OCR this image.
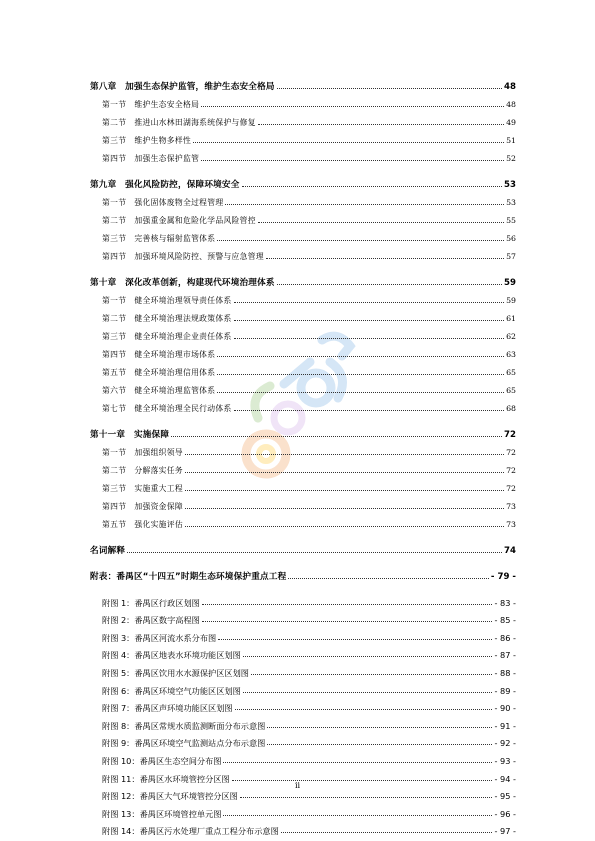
第八章　加强生态保护监管，维护生态安全格局	48
第一节　维护生态安全格局	48
第二节　推进山水林田湖海系统保护与修复	49
第三节　维护生物多样性	51
第四节　加强生态保护监管	52
第九章　强化风险防控，保障环境安全	53
第一节　强化固体废物全过程管理	53
第二节　加强重金属和危险化学品风险管控	55
第三节　完善核与辐射监管体系	56
第四节　加强环境风险防控、预警与应急管理	57
第十章　深化改革创新，构建现代环境治理体系	59
第一节　健全环境治理领导责任体系	59
第二节　健全环境治理法规政策体系	61
第三节　健全环境治理企业责任体系	62
第四节　健全环境治理市场体系	63
第五节　健全环境治理信用体系	65
第六节　健全环境治理监管体系	65
第七节　健全环境治理全民行动体系	68
第十一章　实施保障	72
第一节　加强组织领导	72
第二节　分解落实任务	72
第三节　实施重大工程	72
第四节　加强资金保障	73
第五节　强化实施评估	73
名词解释	74
附表：番禺区“十四五”时期生态环境保护重点工程	- 79 -
附图 1：番禺区行政区划图	- 83 -
附图 2：番禺区数字高程图	- 85 -
附图 3：番禺区河流水系分布图	- 86 -
附图 4：番禺区地表水环境功能区划图	- 87 -
附图 5：番禺区饮用水水源保护区区划图	- 88 -
附图 6：番禺区环境空气功能区区划图	- 89 -
附图 7：番禺区声环境功能区区划图	- 90 -
附图 8：番禺区常规水质监测断面分布示意图	- 91 -
附图 9：番禺区环境空气监测站点分布示意图	- 92 -
附图 10：番禺区生态空间分布图	- 93 -
附图 11：番禺区水环境管控分区图	- 94 -
附图 12：番禺区大气环境管控分区图	- 95 -
附图 13：番禺区环境管控单元图	- 96 -
附图 14：番禺区污水处理厂重点工程分布示意图	- 97 -
ii
